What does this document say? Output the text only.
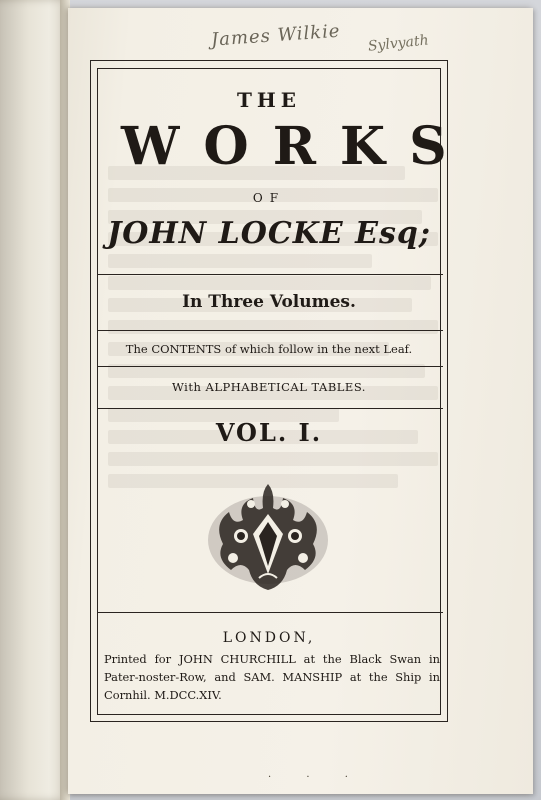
James Wilkie	Sylvyath
THE
WORKS
OF
JOHN LOCKE Esq;
In Three Volumes.
The CONTENTS of which follow in the next Leaf.
With ALPHABETICAL TABLES.
VOL. I.
LONDON,
Printed for JOHN CHURCHILL at the Black Swan in
Pater-noster-Row, and SAM. MANSHIP at the Ship in
Cornhil. M.DCC.XIV.
· · ·
